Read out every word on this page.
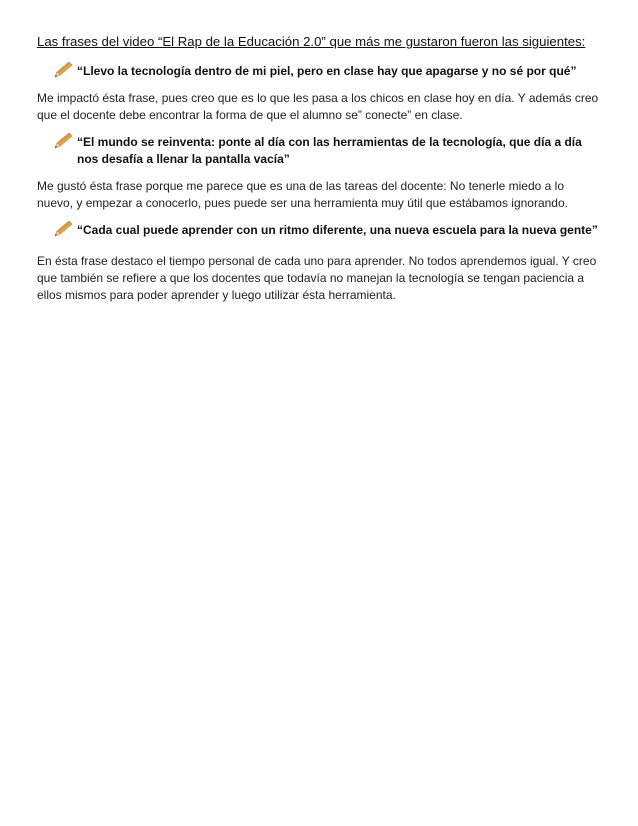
Las frases del video “El Rap de la Educación 2.0” que más me gustaron fueron las siguientes:

“Llevo la tecnología dentro de mi piel, pero en clase hay que apagarse y no sé por qué”

Me impactó ésta frase, pues creo que es lo que les pasa a los chicos en clase hoy en día. Y además creo que el docente debe encontrar la forma de que el alumno se” conecte” en clase.

“El mundo se reinventa: ponte al día con las herramientas de la tecnología, que día a día nos desafía a llenar la pantalla vacía”

Me gustó ésta frase porque me parece que es una de las tareas del docente: No tenerle miedo a lo nuevo, y empezar a conocerlo, pues puede ser una herramienta muy útil que estábamos ignorando.

“Cada cual puede aprender con un ritmo diferente, una nueva escuela para la nueva gente”

En ésta frase destaco el tiempo personal de cada uno para aprender. No todos aprendemos igual. Y creo que también se refiere a que los docentes que todavía no manejan la tecnología se tengan paciencia a ellos mismos para poder aprender y luego utilizar ésta herramienta.
